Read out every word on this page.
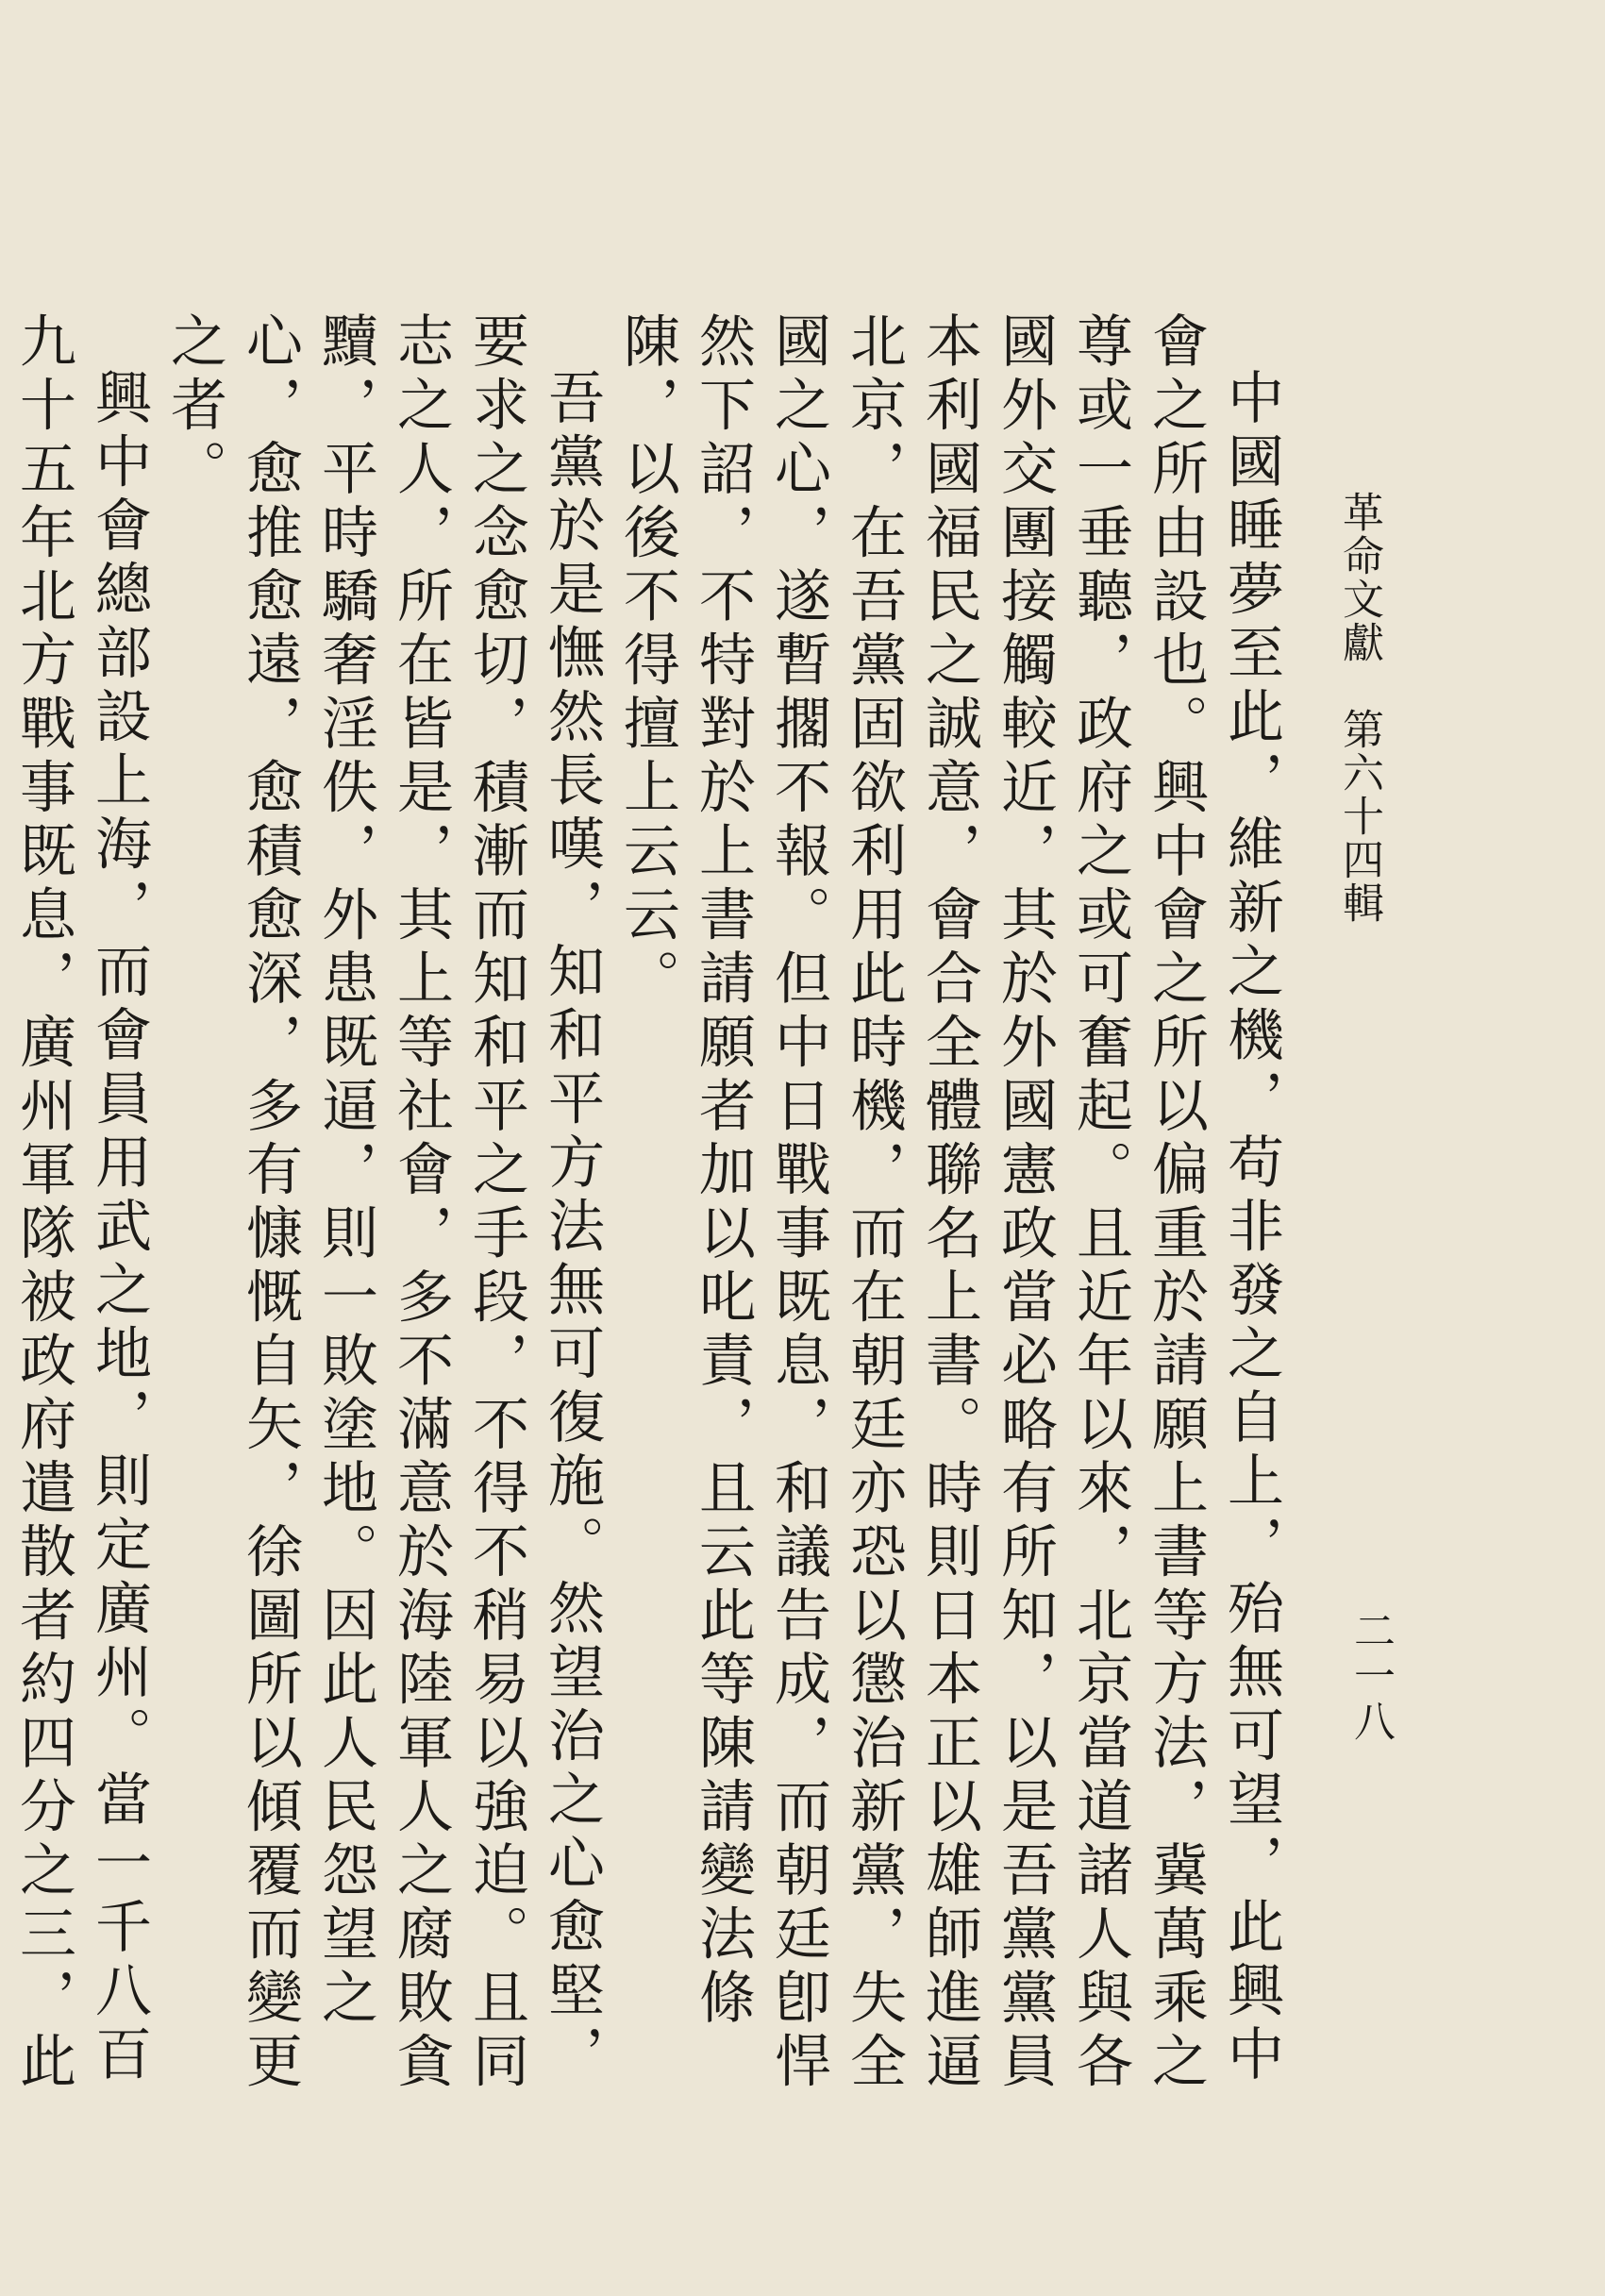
革命文獻　第六十四輯
二一八

中國睡夢至此，維新之機，苟非發之自上，殆無可望，此興中會之所由設也。興中會之所以偏重於請願上書等方法，冀萬乘之尊或一垂聽，政府之或可奮起。且近年以來，北京當道諸人與各國外交團接觸較近，其於外國憲政當必略有所知，以是吾黨黨員本利國福民之誠意，會合全體聯名上書。時則日本正以雄師進逼北京，在吾黨固欲利用此時機，而在朝廷亦恐以懲治新黨，失全國之心，遂暫擱不報。但中日戰事既息，和議告成，而朝廷卽悍然下詔，不特對於上書請願者加以叱責，且云此等陳請變法條陳，以後不得擅上云云。

吾黨於是憮然長嘆，知和平方法無可復施。然望治之心愈堅，要求之念愈切，積漸而知和平之手段，不得不稍易以強迫。且同志之人，所在皆是，其上等社會，多不滿意於海陸軍人之腐敗貪黷，平時驕奢淫佚，外患既逼，則一敗塗地。因此人民怨望之心，愈推愈遠，愈積愈深，多有慷慨自矢，徐圖所以傾覆而變更之者。

興中會總部設上海，而會員用武之地，則定廣州。當一千八百九十五年北方戰事既息，廣州軍隊被政府遣散者約四分之三，此
